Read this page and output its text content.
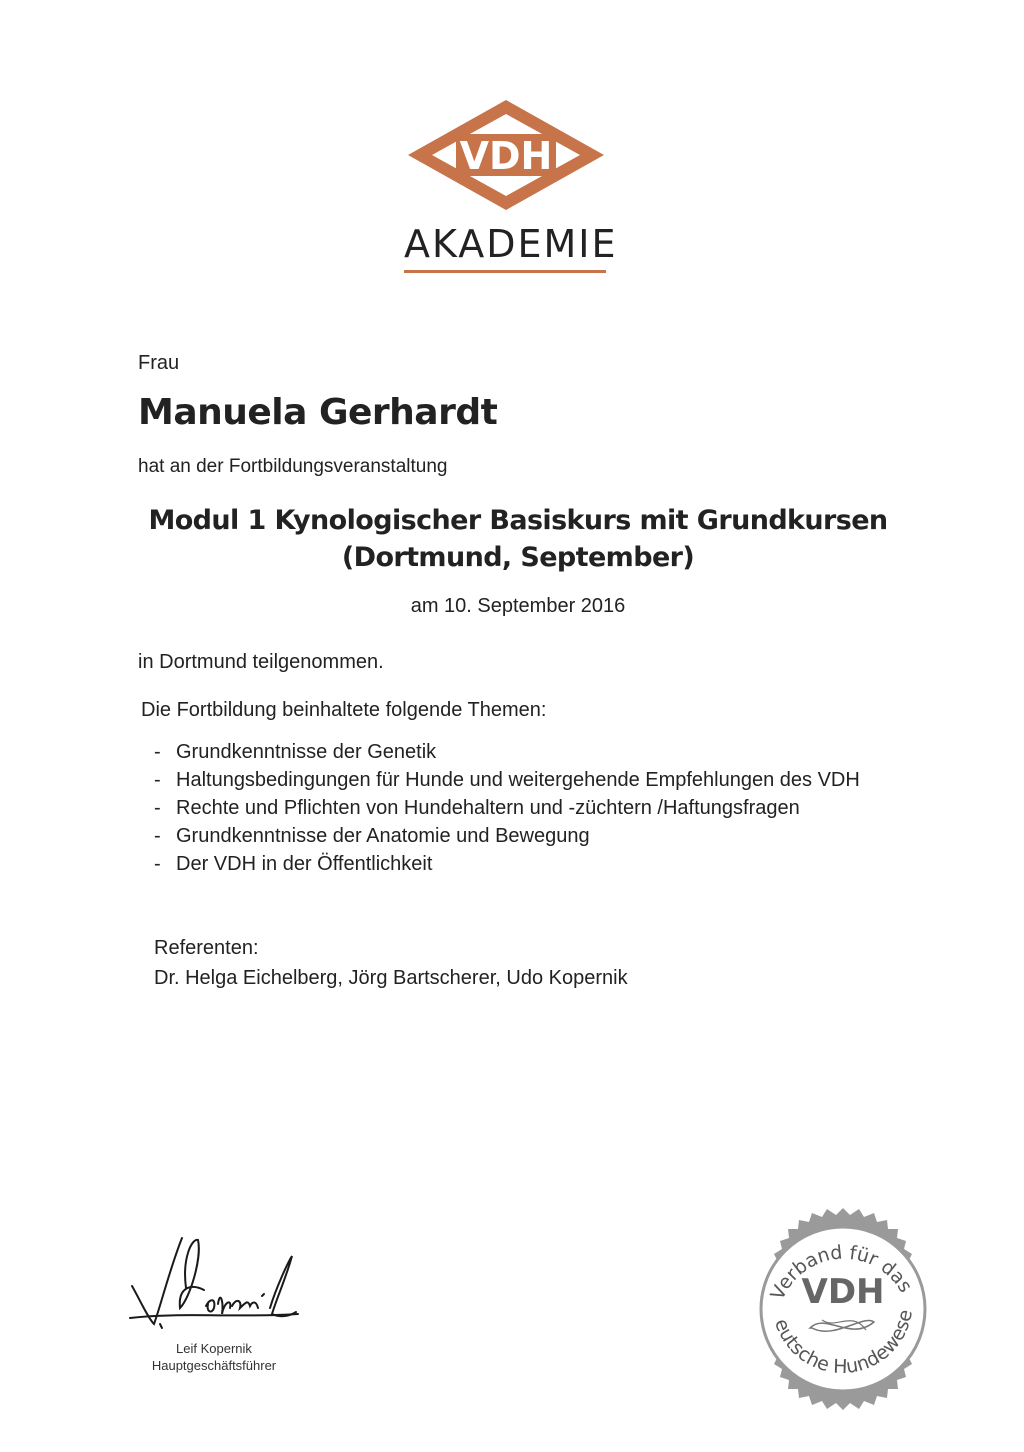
VDH
AKADEMIE
Frau
Manuela Gerhardt
hat an der Fortbildungsveranstaltung
Modul 1 Kynologischer Basiskurs mit Grundkursen
(Dortmund, September)
am 10. September 2016
in Dortmund teilgenommen.
Die Fortbildung beinhaltete folgende Themen:
- Grundkenntnisse der Genetik
- Haltungsbedingungen für Hunde und weitergehende Empfehlungen des VDH
- Rechte und Pflichten von Hundehaltern und -züchtern /Haftungsfragen
- Grundkenntnisse der Anatomie und Bewegung
- Der VDH in der Öffentlichkeit
Referenten:
Dr. Helga Eichelberg, Jörg Bartscherer, Udo Kopernik
Leif Kopernik
Hauptgeschäftsführer
Verband für das
eutsche Hundewese
VDH
